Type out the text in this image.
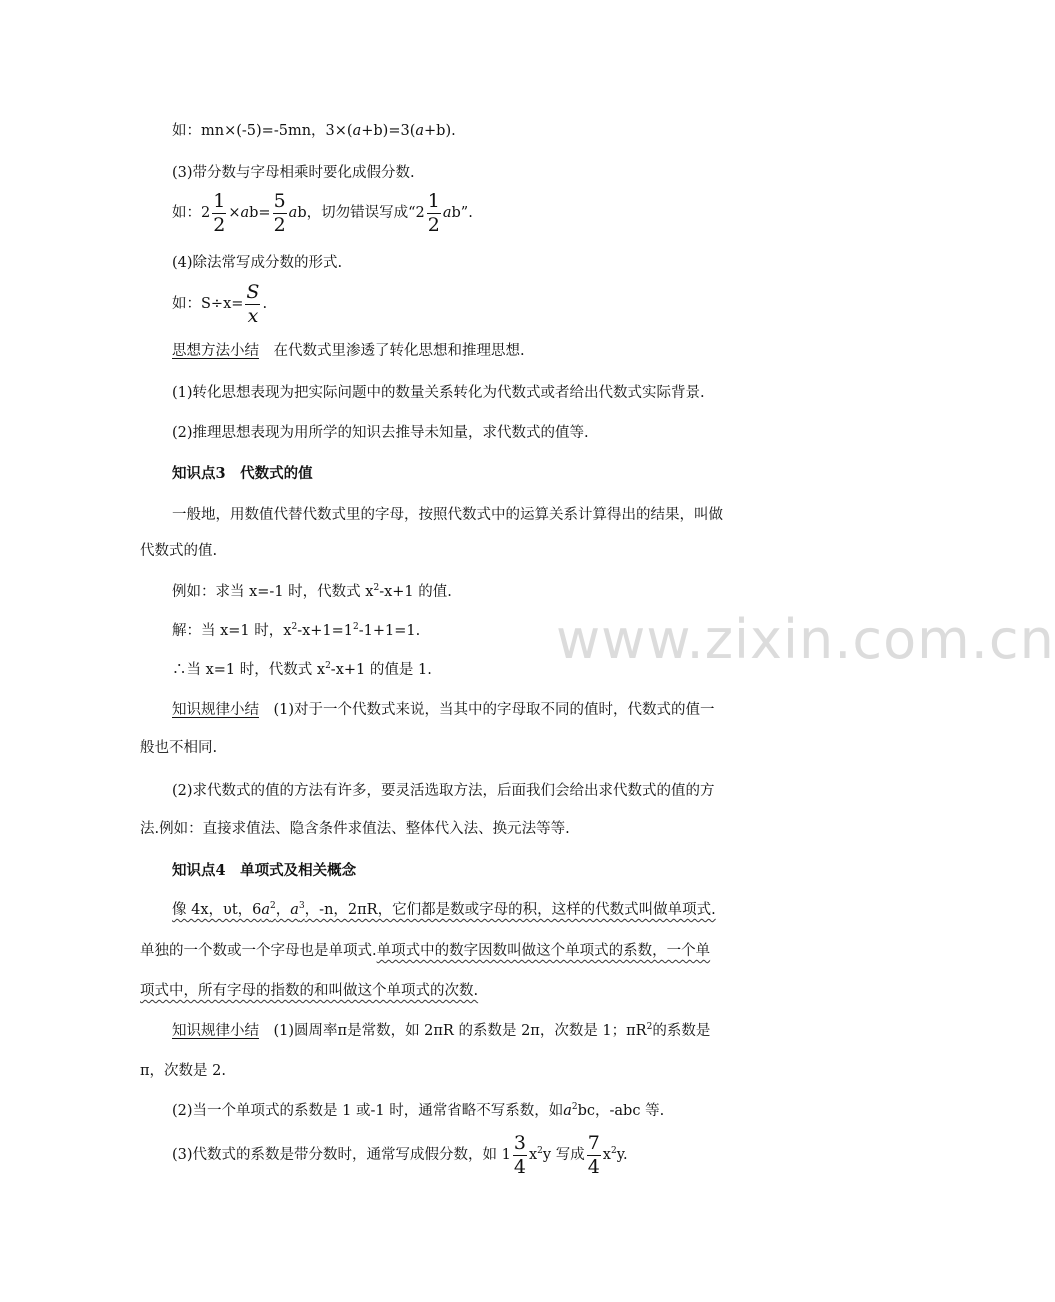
如：mn×(-5)=-5mn，3×(a+b)=3(a+b).
(3)带分数与字母相乘时要化成假分数.
如：$2 \frac{1}{2} \times ab= \frac{5}{2}$ ab，切勿错误写成“$2 \frac{1}{2}$ ab”.
(4)除法常写成分数的形式.
如：$S\div x= \frac{S}{x}$ .
思想方法小结　 在代数式里渗透了转化思想和推理思想.
(1)转化思想表现为把实际问题中的数量关系转化为代数式或者给出代数式实际背景.
(2)推理思想表现为用所学的知识去推导未知量，求代数式的值等.
知识点3　代数式的值
一般地，用数值代替代数式里的字母，按照代数式中的运算关系计算得出的结果，叫做
代数式的值.
例如：求当 x=-1 时，代数式 $x^2-x+1$ 的值.
解：当 x=1 时，$x^2-x+1=1^2-1+1=1$.
∴当 x=1 时，代数式 $x^2-x+1$ 的值是 1.
知识规律小结　 (1)对于一个代数式来说，当其中的字母取不同的值时，代数式的值一
般也不相同.
(2)求代数式的值的方法有许多，要灵活选取方法，后面我们会给出求代数式的值的方
法.例如：直接求值法、隐含条件求值法、整体代入法、换元法等等.
知识点4　单项式及相关概念
像 4x，υt，$6a^2$，$a^3$，-n，2πR，它们都是数或字母的积，这样的代数式叫做单项式.
单独的一个数或一个字母也是单项式.单项式中的数字因数叫做这个单项式的系数，一个单
项式中，所有字母的指数的和叫做这个单项式的次数.
知识规律小结　 (1)圆周率π是常数，如 2πR 的系数是 2π，次数是 1；$\pi R^2$的系数是
π，次数是 2.
(2)当一个单项式的系数是 1 或-1 时，通常省略不写系数，如$a^2bc$，-abc 等.
(3)代数式的系数是带分数时，通常写成假分数，如 $1 \frac{3}{4} x^2y$ 写成 $\frac{7}{4} x^2y$.
www.zixin.com.cn
